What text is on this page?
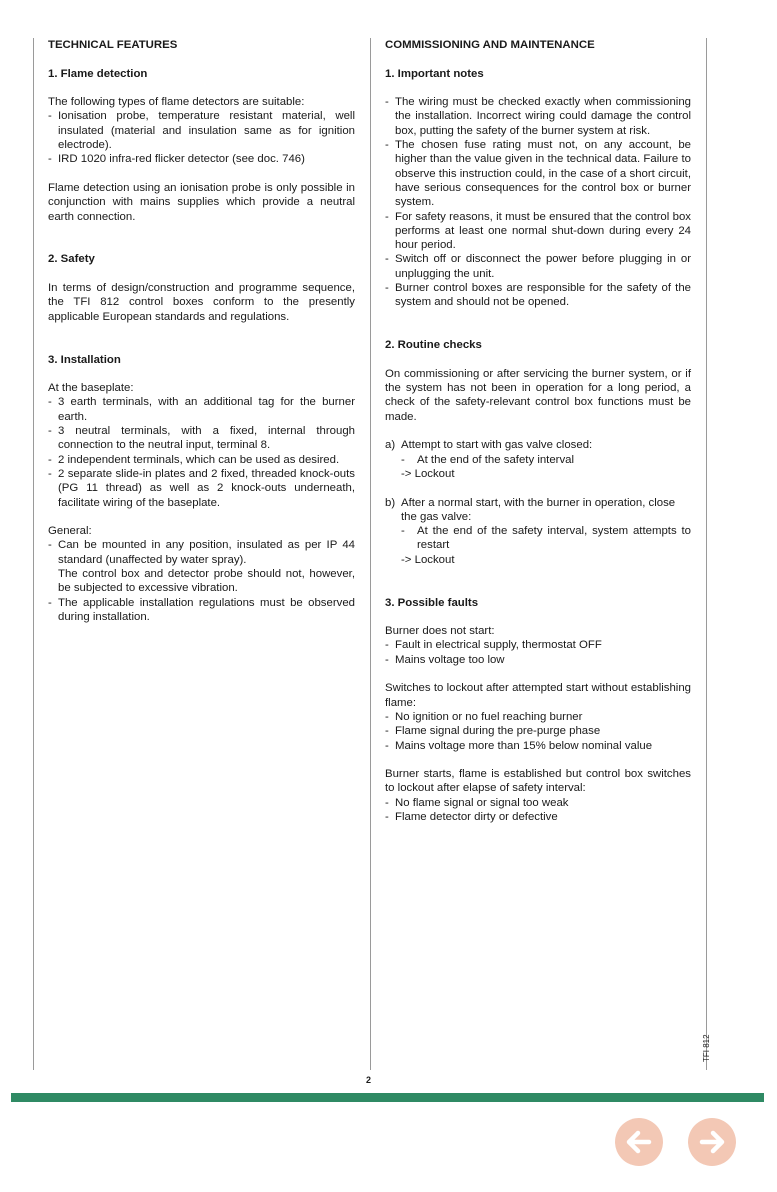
TECHNICAL FEATURES
1. Flame detection

The following types of flame detectors are suitable:

- Ionisation probe, temperature resistant material, well insulated (material and insulation same as for ignition electrode).
- IRD 1020 infra-red flicker detector (see doc. 746)

Flame detection using an ionisation probe is only possible in conjunction with mains supplies which provide a neutral earth connection.

2. Safety

In terms of design/construction and programme sequence, the TFI 812 control boxes conform to the presently applicable European standards and regulations.

3. Installation

At the baseplate:

- 3 earth terminals, with an additional tag for the burner earth.
- 3 neutral terminals, with a fixed, internal through connection to the neutral input, terminal 8.
- 2 independent terminals, which can be used as desired.
- 2 separate slide-in plates and 2 fixed, threaded knock-outs (PG 11 thread) as well as 2 knock-outs underneath, facilitate wiring of the baseplate.

General:

- Can be mounted in any position, insulated as per IP 44 standard (unaffected by water spray).
The control box and detector probe should not, however, be subjected to excessive vibration.
- The applicable installation regulations must be observed during installation.
COMMISSIONING AND MAINTENANCE
1. Important notes
- The wiring must be checked exactly when commissioning the installation. Incorrect wiring could damage the control box, putting the safety of the burner system at risk.
- The chosen fuse rating must not, on any account, be higher than the value given in the technical data. Failure to observe this instruction could, in the case of a short circuit, have serious consequences for the control box or burner system.
- For safety reasons, it must be ensured that the control box performs at least one normal shut-down during every 24 hour period.
- Switch off or disconnect the power before plugging in or unplugging the unit.
- Burner control boxes are responsible for the safety of the system and should not be opened.
2. Routine checks

On commissioning or after servicing the burner system, or if the system has not been in operation for a long period, a check of the safety-relevant control box functions must be made.

a) Attempt to start with gas valve closed:
- At the end of the safety interval
-> Lockout
b) After a normal start, with the burner in operation, close the gas valve:
- At the end of the safety interval, system attempts to restart
-> Lockout
3. Possible faults

Burner does not start:

- Fault in electrical supply, thermostat OFF
- Mains voltage too low

Switches to lockout after attempted start without establishing flame:

- No ignition or no fuel reaching burner
- Flame signal during the pre-purge phase
- Mains voltage more than 15% below nominal value

Burner starts, flame is established but control box switches to lockout after elapse of safety interval:

- No flame signal or signal too weak
- Flame detector dirty or defective
TFI 812
2
